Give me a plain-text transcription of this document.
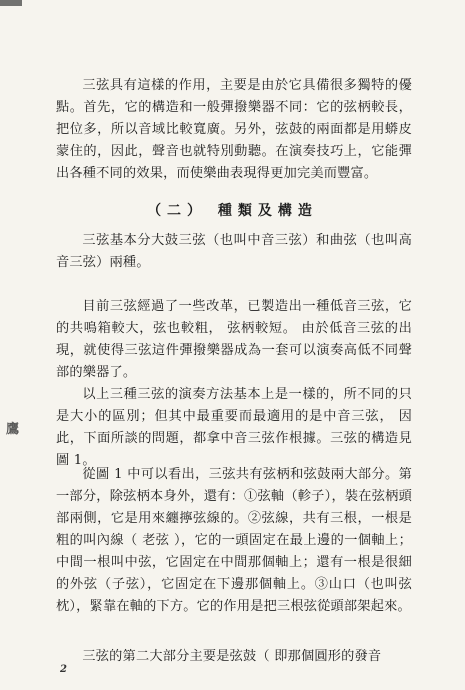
三弦具有這樣的作用，主要是由於它具備很多獨特的優點。首先，它的構造和一般彈撥樂器不同：它的弦柄較長，把位多，所以音域比較寬廣。另外，弦鼓的兩面都是用蟒皮蒙住的，因此，聲音也就特別動聽。在演奏技巧上，它能彈出各種不同的效果，而使樂曲表現得更加完美而豐富。

（二） 種類及構造

三弦基本分大鼓三弦（也叫中音三弦）和曲弦（也叫高音三弦）兩種。

目前三弦經過了一些改革，已製造出一種低音三弦，它的共鳴箱較大，弦也較粗， 弦柄較短。 由於低音三弦的出現，就使得三弦這件彈撥樂器成為一套可以演奏高低不同聲部的樂器了。

以上三種三弦的演奏方法基本上是一樣的，所不同的只是大小的區別；但其中最重要而最適用的是中音三弦， 因此，下面所談的問題，都拿中音三弦作根據。三弦的構造見圖 1。

鷹

從圖 1 中可以看出，三弦共有弦柄和弦鼓兩大部分。第一部分，除弦柄本身外，還有：①弦軸（軫子），裝在弦柄頭部兩側，它是用來纏擰弦線的。②弦線，共有三根，一根是粗的叫內線（ 老弦 ），它的一頭固定在最上邊的一個軸上；中間一根叫中弦，它固定在中間那個軸上；還有一根是很細的外弦（子弦），它固定在下邊那個軸上。③山口（也叫弦枕），緊靠在軸的下方。它的作用是把三根弦從頭部架起來。

三弦的第二大部分主要是弦鼓（ 即那個圓形的發音

2
